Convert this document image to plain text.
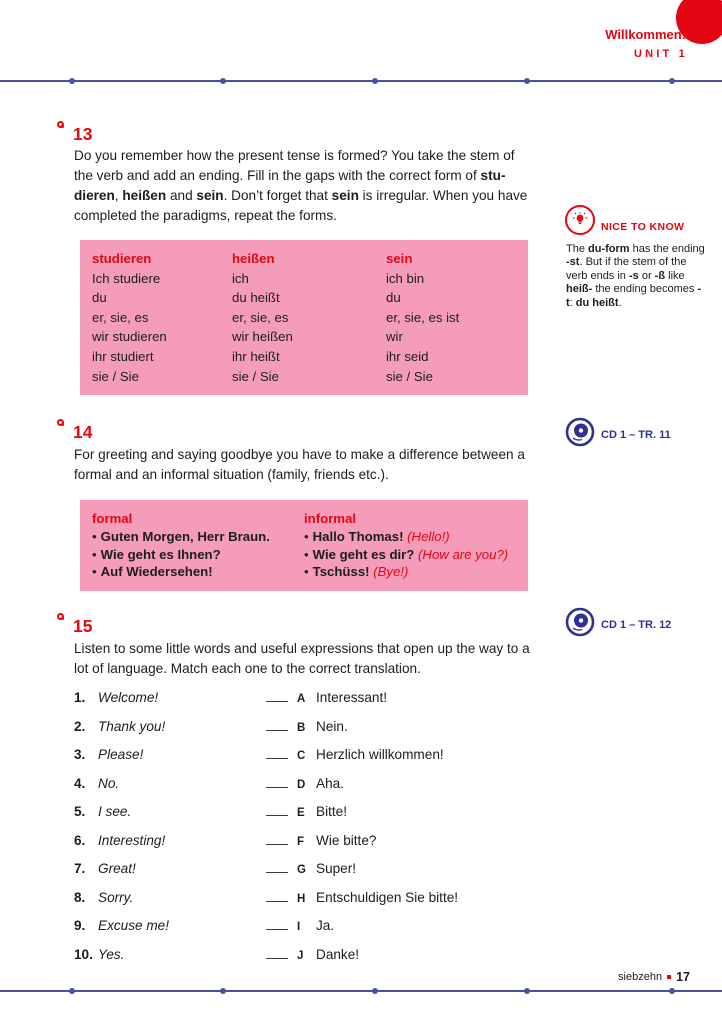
Willkommen!
UNIT 1
13

Do you remember how the present tense is formed? You take the stem of the verb and add an ending. Fill in the gaps with the correct form of stu-dieren, heißen and sein. Don’t forget that sein is irregular. When you have completed the paradigms, repeat the forms.

studieren	heißen	sein
Ich studiere	ich	ich bin
du	du heißt	du
er, sie, es	er, sie, es	er, sie, es ist
wir studieren	wir heißen	wir
ihr studiert	ihr heißt	ihr seid
sie / Sie	sie / Sie	sie / Sie
NICE TO KNOW

The du-form has the ending -st. But if the stem of the verb ends in -s or -ß like heiß- the ending becomes -t: du heißt.

CD 1 – TR. 11
14

For greeting and saying goodbye you have to make a difference between a formal and an informal situation (family, friends etc.).

formal
• Guten Morgen, Herr Braun.
• Wie geht es Ihnen?
• Auf Wiedersehen!
informal
• Hallo Thomas! (Hello!)
• Wie geht es dir? (How are you?)
• Tschüss! (Bye!)
CD 1 – TR. 12
15

Listen to some little words and useful expressions that open up the way to a lot of language. Match each one to the correct translation.

1. Welcome!	A Interessant!
2. Thank you!	B Nein.
3. Please!	C Herzlich willkommen!
4. No.	D Aha.
5. I see.	E Bitte!
6. Interesting!	F Wie bitte?
7. Great!	G Super!
8. Sorry.	H Entschuldigen Sie bitte!
9. Excuse me!	I	Ja.
10. Yes.	J Danke!
siebzehn 17
